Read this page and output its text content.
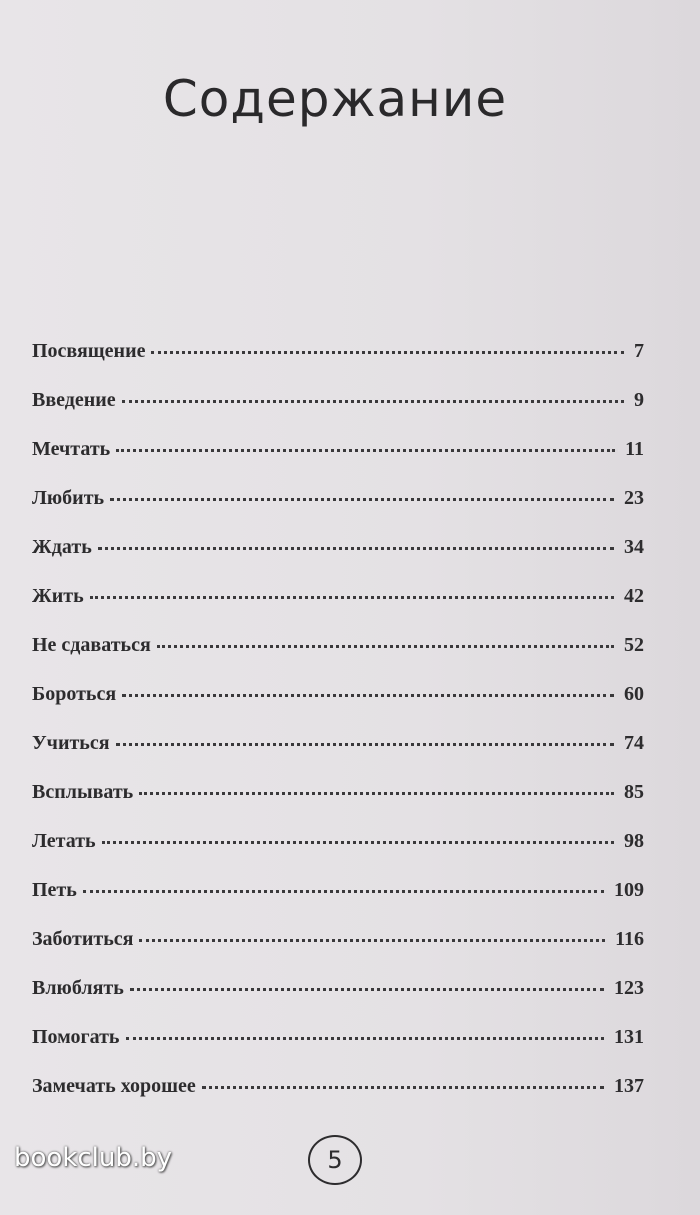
Содержание
Посвящение	7
Введение	9
Мечтать	11
Любить	23
Ждать	34
Жить	42
Не сдаваться	52
Бороться	60
Учиться	74
Всплывать	85
Летать	98
Петь	109
Заботиться	116
Влюблять	123
Помогать	131
Замечать хорошее	137
5
bookclub.by
